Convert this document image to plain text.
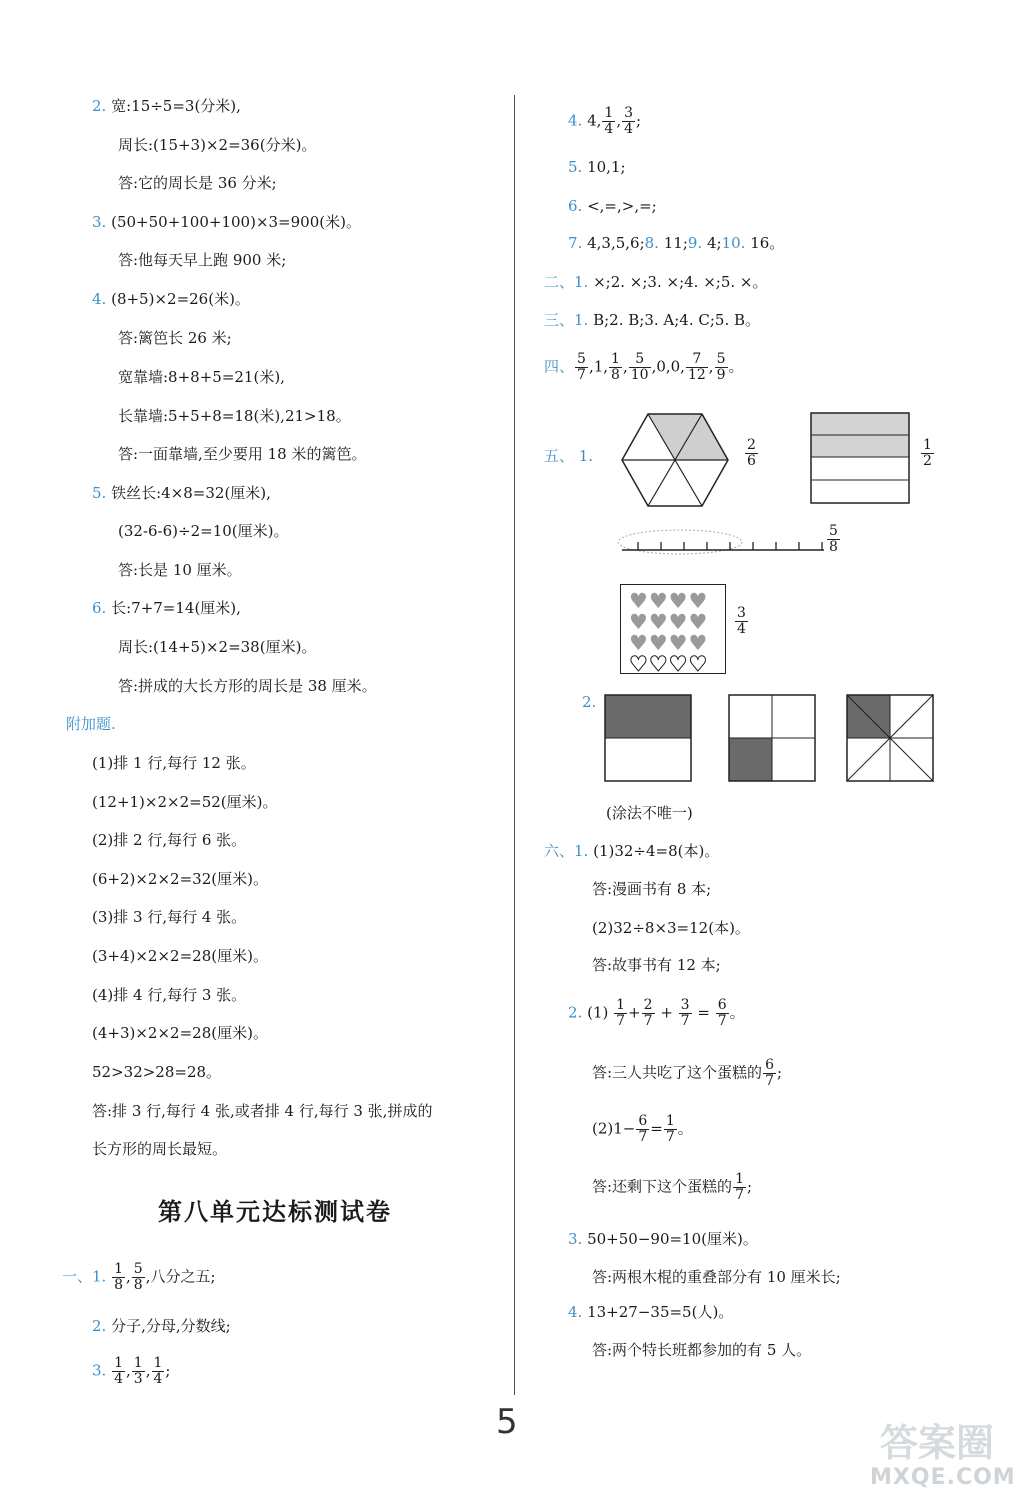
2. 宽:15÷5=3(分米),
周长:(15+3)×2=36(分米)。
答:它的周长是 36 分米;
3. (50+50+100+100)×3=900(米)。
答:他每天早上跑 900 米;
4. (8+5)×2=26(米)。
答:篱笆长 26 米;
宽靠墙:8+8+5=21(米),
长靠墙:5+5+8=18(米),21>18。
答:一面靠墙,至少要用 18 米的篱笆。
5. 铁丝长:4×8=32(厘米),
(32-6-6)÷2=10(厘米)。
答:长是 10 厘米。
6. 长:7+7=14(厘米),
周长:(14+5)×2=38(厘米)。
答:拼成的大长方形的周长是 38 厘米。
附加题.
(1)排 1 行,每行 12 张。
(12+1)×2×2=52(厘米)。
(2)排 2 行,每行 6 张。
(6+2)×2×2=32(厘米)。
(3)排 3 行,每行 4 张。
(3+4)×2×2=28(厘米)。
(4)排 4 行,每行 3 张。
(4+3)×2×2=28(厘米)。
52>32>28=28。
答:排 3 行,每行 4 张,或者排 4 行,每行 3 张,拼成的
长方形的周长最短。
第八单元达标测试卷
一、1. $\frac{1}{8}$ , $\frac{5}{8}$ ,八分之五;
2. 分子,分母,分数线;
3. $\frac{1}{4}$ , $\frac{1}{3}$ , $\frac{1}{4}$ ;
4. 4, $\frac{1}{4}$ , $\frac{3}{4}$ ;
5. 10,1;
6. <,=,>,=;
7. 4,3,5,6;8. 11;9. 4;10. 16。
二、1. ×;2. ×;3. ×;4. ×;5. ×。
三、1. B;2. B;3. A;4. C;5. B。
四、 $\frac{5}{7} ,1$, $\frac{1}{8}$ , $\frac{5}{10} ,0,0$, $\frac{7}{12}$ , $\frac{5}{9}$ 。
五、 1.	$\frac{2}{6}$	$\frac{1}{2}$
$\frac{5}{8}$
♥♥♥♥
♥♥♥♥
♥♥♥♥
♥♥♥♥
$\frac{3}{4}$
2.
(涂法不唯一)
六、1. (1)32÷4=8(本)。
答:漫画书有 8 本;
(2)32÷8×3=12(本)。
答:故事书有 12 本;
2. $(1) \frac{1}{7} + \frac{2}{7} + \frac{3}{7} = \frac{6}{7}$ 。
答:三人共吃了这个蛋糕的 $\frac{6}{7}$ ;
$(2)1- \frac{6}{7} = \frac{1}{7}$ 。
答:还剩下这个蛋糕的 $\frac{1}{7}$ ;
3. 50+50−90=10(厘米)。
答:两根木棍的重叠部分有 10 厘米长;
4. 13+27−35=5(人)。
答:两个特长班都参加的有 5 人。
5	答案圈
MXQE.COM
